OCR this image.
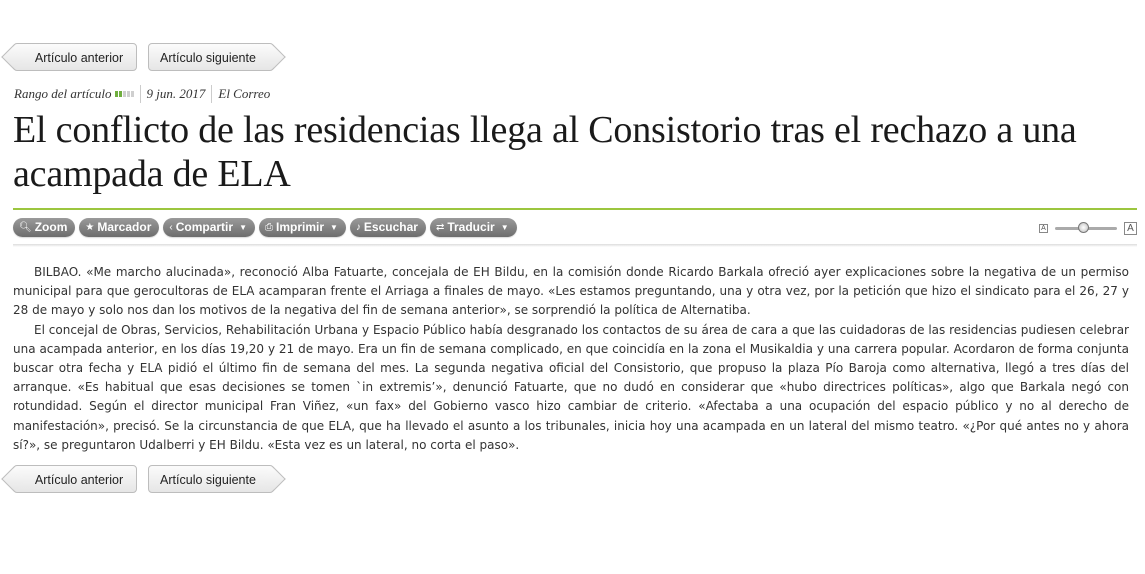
Artículo anterior	Artículo siguiente
Rango del artículo	9 jun. 2017 El Correo
El conflicto de las residencias llega al Consistorio tras el rechazo a una acampada de ELA
🔍︎ Zoom ★ Marcador ‹ Compartir ▼ ⎙ Imprimir ▼ ♪ Escuchar ⇄ Traducir ▼	A	A

BILBAO. «Me marcho alucinada», reconoció Alba Fatuarte, concejala de EH Bildu, en la comisión donde Ricardo Barkala ofreció ayer explicaciones sobre la negativa de un permiso municipal para que gerocultoras de ELA acamparan frente el Arriaga a finales de mayo. «Les estamos preguntando, una y otra vez, por la petición que hizo el sindicato para el 26, 27 y 28 de mayo y solo nos dan los motivos de la negativa del fin de semana anterior», se sorprendió la política de Alternatiba.

El concejal de Obras, Servicios, Rehabilitación Urbana y Espacio Público había desgranado los contactos de su área de cara a que las cuidadoras de las residencias pudiesen celebrar una acampada anterior, en los días 19,20 y 21 de mayo. Era un fin de semana complicado, en que coincidía en la zona el Musikaldia y una carrera popular. Acordaron de forma conjunta buscar otra fecha y ELA pidió el último fin de semana del mes. La segunda negativa oficial del Consistorio, que propuso la plaza Pío Baroja como alternativa, llegó a tres días del arranque. «Es habitual que esas decisiones se tomen `in extremis’», denunció Fatuarte, que no dudó en considerar que «hubo directrices políticas», algo que Barkala negó con rotundidad. Según el director municipal Fran Viñez, «un fax» del Gobierno vasco hizo cambiar de criterio. «Afectaba a una ocupación del espacio público y no al derecho de manifestación», precisó. Se la circunstancia de que ELA, que ha llevado el asunto a los tribunales, inicia hoy una acampada en un lateral del mismo teatro. «¿Por qué antes no y ahora sí?», se preguntaron Udalberri y EH Bildu. «Esta vez es un lateral, no corta el paso».

Artículo anterior	Artículo siguiente
